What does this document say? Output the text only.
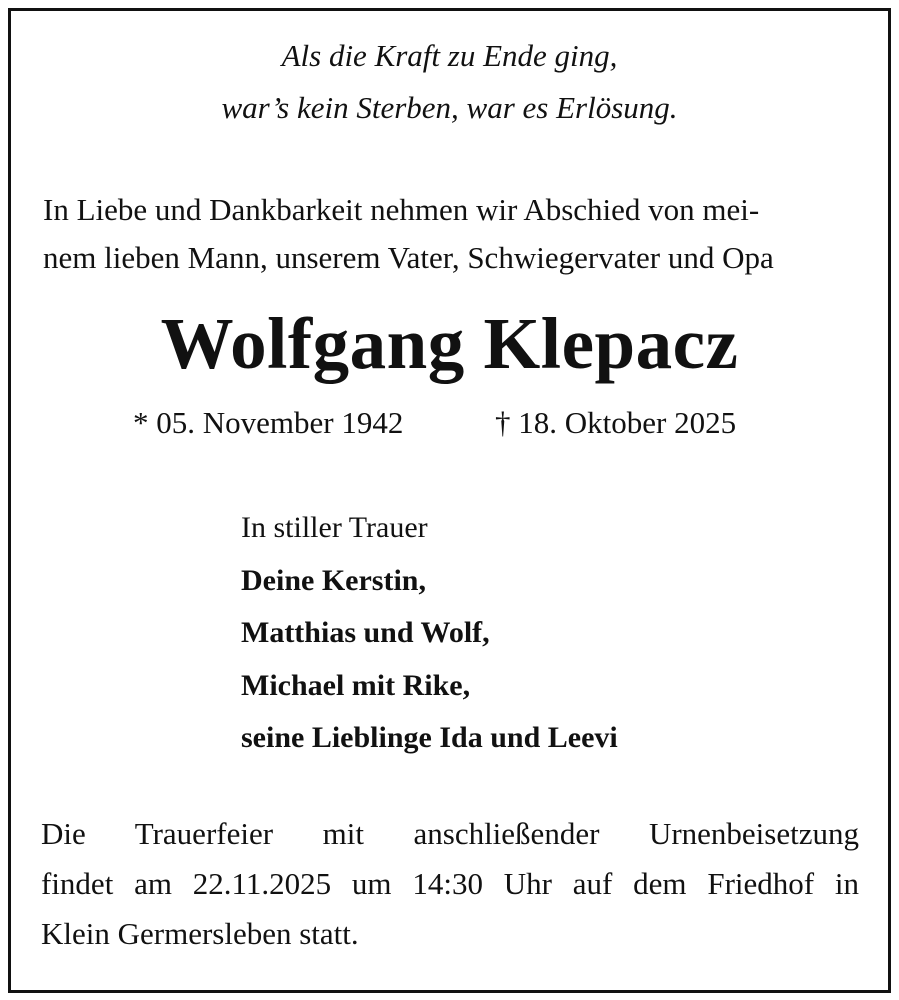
Als die Kraft zu Ende ging,
war’s kein Sterben, war es Erlösung.
In Liebe und Dankbarkeit nehmen wir Abschied von mei-
nem lieben Mann, unserem Vater, Schwiegervater und Opa
Wolfgang Klepacz
* 05. November 1942	† 18. Oktober 2025
In stiller Trauer
Deine Kerstin,
Matthias und Wolf,
Michael mit Rike,
seine Lieblinge Ida und Leevi
Die Trauerfeier mit anschließender Urnenbeisetzung
findet am 22.11.2025 um 14:30 Uhr auf dem Friedhof in
Klein Germersleben statt.
